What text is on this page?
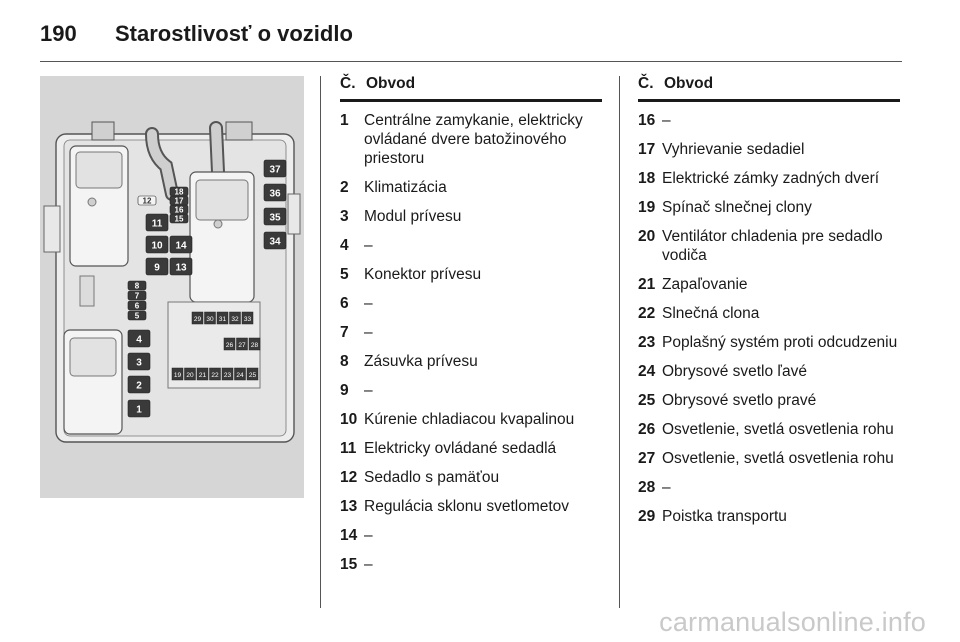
190	Starostlivosť o vozidlo
1
2
3
4
5
6
7
8
9
10
11
12
13
14
15
16
17
18
34
35
36
37
29 30 31 32 33
26 27 28
19 20 21 22 23 24 25
Č. Obvod
1 Centrálne zamykanie, elektricky ovládané dvere batožinového priestoru
2 Klimatizácia
3 Modul prívesu
4 –
5 Konektor prívesu
6 –
7 –
8 Zásuvka prívesu
9 –
10 Kúrenie chladiacou kvapalinou
11 Elektricky ovládané sedadlá
12 Sedadlo s pamäťou
13 Regulácia sklonu svetlometov
14 –
15 –
Č. Obvod
16 –
17 Vyhrievanie sedadiel
18 Elektrické zámky zadných dverí
19 Spínač slnečnej clony
20 Ventilátor chladenia pre sedadlo vodiča
21 Zapaľovanie
22 Slnečná clona
23 Poplašný systém proti odcudzeniu
24 Obrysové svetlo ľavé
25 Obrysové svetlo pravé
26 Osvetlenie, svetlá osvetlenia rohu
27 Osvetlenie, svetlá osvetlenia rohu
28 –
29 Poistka transportu
carmanualsonline.info
